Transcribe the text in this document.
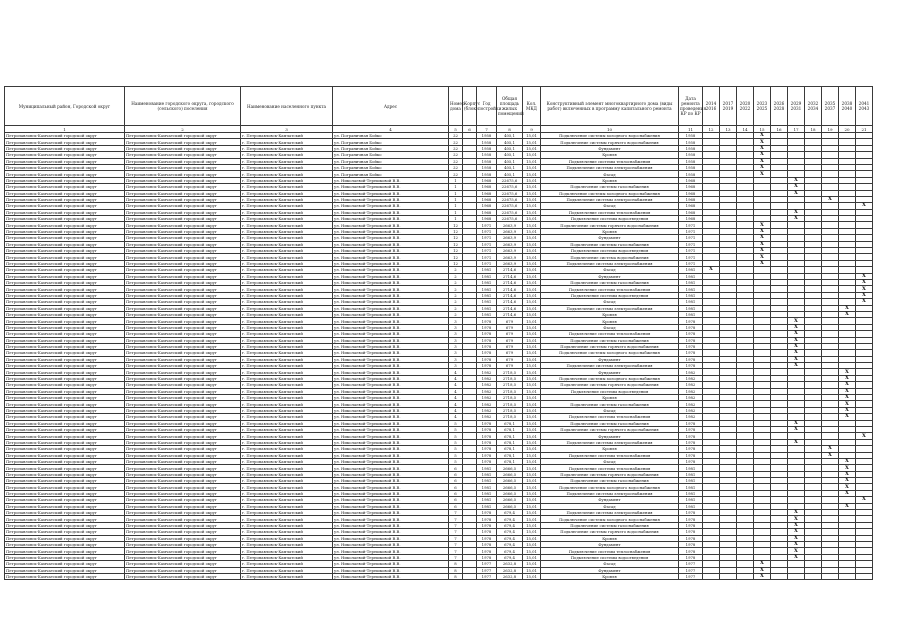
Муниципальный район, Городской округ	Наименование городского округа, городского (сельского) поселения	Наименование населенного пункта	Адрес	Номер дома	Корпус (блок)	Год постройки	Общая площадь жилых помещений	Кол. МКД	Конструктивный элемент многоквартирного дома (виды работ) включенных в программу капитального ремонта	Дата ремонта проведения КР по КР	2014 2016	2017 2019	2020 2022	2023 2025	2026 2028	2029 2031	2032 2034	2035 2037	2038 2040	2041 2043
1	2	3	4	5	6	7	8	9	10	11	12	13	14	15	16	17	18	19	20	21
Петропавловск-Камчатский городской округ	Петропавловск-Камчатский городской округ	г. Петропавловск-Камчатский	ул. Пограничная Бойко	22		1958	405,1	15,01	Подключение системы холодного водоснабжения	1958				X						
Петропавловск-Камчатский городской округ	Петропавловск-Камчатский городской округ	г. Петропавловск-Камчатский	ул. Пограничная Бойко	22		1958	405,1	15,01	Подключение системы горячего водоснабжения	1958				X						
Петропавловск-Камчатский городской округ	Петропавловск-Камчатский городской округ	г. Петропавловск-Камчатский	ул. Пограничная Бойко	22		1958	405,1	15,01	Фундамент	1958				X						
Петропавловск-Камчатский городской округ	Петропавловск-Камчатский городской округ	г. Петропавловск-Камчатский	ул. Пограничная Бойко	22		1958	405,1	15,01	Кровля	1958				X						
Петропавловск-Камчатский городской округ	Петропавловск-Камчатский городской округ	г. Петропавловск-Камчатский	ул. Пограничная Бойко	22		1958	405,1	15,01	Подключение системы теплоснабжения	1958				X						
Петропавловск-Камчатский городской округ	Петропавловск-Камчатский городской округ	г. Петропавловск-Камчатский	ул. Пограничная Бойко	22		1958	405,1	15,01	Подключение системы электроснабжения	1958				X						
Петропавловск-Камчатский городской округ	Петропавловск-Камчатский городской округ	г. Петропавловск-Камчатский	ул. Пограничная Бойко	22		1958	405,1	15,01	Фасад	1958				X						
Петропавловск-Камчатский городской округ	Петропавловск-Камчатский городской округ	г. Петропавловск-Камчатский	ул. Николаевой-Терешковой В.В.	1		1968	22675,6	15,01	Кровля	1968						X				
Петропавловск-Камчатский городской округ	Петропавловск-Камчатский городской округ	г. Петропавловск-Камчатский	ул. Николаевой-Терешковой В.В.	1		1968	22675,6	15,01	Подключение системы газоснабжения	1968						X				
Петропавловск-Камчатский городской округ	Петропавловск-Камчатский городской округ	г. Петропавловск-Камчатский	ул. Николаевой-Терешковой В.В.	1		1968	22675,6	15,01	Подключение системы холодного водоснабжения	1968						X				
Петропавловск-Камчатский городской округ	Петропавловск-Камчатский городской округ	г. Петропавловск-Камчатский	ул. Николаевой-Терешковой В.В.	1		1968	22675,6	15,01	Подключение системы электроснабжения	1968								X		
Петропавловск-Камчатский городской округ	Петропавловск-Камчатский городской округ	г. Петропавловск-Камчатский	ул. Николаевой-Терешковой В.В.	1		1968	22675,6	15,01	Фасад	1968										X
Петропавловск-Камчатский городской округ	Петропавловск-Камчатский городской округ	г. Петропавловск-Камчатский	ул. Николаевой-Терешковой В.В.	1		1968	22675,6	15,01	Подключение системы теплоснабжения	1968						X				
Петропавловск-Камчатский городской округ	Петропавловск-Камчатский городской округ	г. Петропавловск-Камчатский	ул. Николаевой-Терешковой В.В.	1		1968	22675,6	15,01	Подключение системы водоотведения	1968						X				
Петропавловск-Камчатский городской округ	Петропавловск-Камчатский городской округ	г. Петропавловск-Камчатский	ул. Николаевой-Терешковой В.В.	12		1971	2663,9	15,01	Подключение системы горячего водоснабжения	1971				X						
Петропавловск-Камчатский городской округ	Петропавловск-Камчатский городской округ	г. Петропавловск-Камчатский	ул. Николаевой-Терешковой В.В.	12		1971	2663,9	15,01	Кровля	1971				X						
Петропавловск-Камчатский городской округ	Петропавловск-Камчатский городской округ	г. Петропавловск-Камчатский	ул. Николаевой-Терешковой В.В.	12		1971	2663,9	15,01	Фундамент	1971				X						
Петропавловск-Камчатский городской округ	Петропавловск-Камчатский городской округ	г. Петропавловск-Камчатский	ул. Николаевой-Терешковой В.В.	12		1971	2663,9	15,01	Подключение системы газоснабжения	1971				X						
Петропавловск-Камчатский городской округ	Петропавловск-Камчатский городской округ	г. Петропавловск-Камчатский	ул. Николаевой-Терешковой В.В.	12		1971	2663,9	15,01	Подключение системы водоотведения	1971				X						
Петропавловск-Камчатский городской округ	Петропавловск-Камчатский городской округ	г. Петропавловск-Камчатский	ул. Николаевой-Терешковой В.В.	12		1971	2663,9	15,01	Подключение система водоснабжения	1971				X						
Петропавловск-Камчатский городской округ	Петропавловск-Камчатский городской округ	г. Петропавловск-Камчатский	ул. Николаевой-Терешковой В.В.	12		1971	2663,9	15,01	Подключение системы электроснабжения	1971				X						
Петропавловск-Камчатский городской округ	Петропавловск-Камчатский городской округ	г. Петропавловск-Камчатский	ул. Николаевой-Терешковой В.В.	2		1981	2714,6	15,01	Фасад	1981	X									
Петропавловск-Камчатский городской округ	Петропавловск-Камчатский городской округ	г. Петропавловск-Камчатский	ул. Николаевой-Терешковой В.В.	2		1981	2714,6	15,01	Фундамент	1981										X
Петропавловск-Камчатский городской округ	Петропавловск-Камчатский городской округ	г. Петропавловск-Камчатский	ул. Николаевой-Терешковой В.В.	2		1981	2714,6	15,01	Подключение системы газоснабжения	1981										X
Петропавловск-Камчатский городской округ	Петропавловск-Камчатский городской округ	г. Петропавловск-Камчатский	ул. Николаевой-Терешковой В.В.	2		1981	2714,6	15,01	Подключение системы теплоснабжения	1981										X
Петропавловск-Камчатский городской округ	Петропавловск-Камчатский городской округ	г. Петропавловск-Камчатский	ул. Николаевой-Терешковой В.В.	2		1981	2714,6	15,01	Подключение системы водоотведения	1981										X
Петропавловск-Камчатский городской округ	Петропавловск-Камчатский городской округ	г. Петропавловск-Камчатский	ул. Николаевой-Терешковой В.В.	2		1981	2714,6	15,01	Фасад	1981										X
Петропавловск-Камчатский городской округ	Петропавловск-Камчатский городской округ	г. Петропавловск-Камчатский	ул. Николаевой-Терешковой В.В.	2		1981	2714,6	15,01	Подключение системы электроснабжения	1981									X	
Петропавловск-Камчатский городской округ	Петропавловск-Камчатский городской округ	г. Петропавловск-Камчатский	ул. Николаевой-Терешковой В.В.	2		1981	2714,6	15,01	Кровля	1981									X	
Петропавловск-Камчатский городской округ	Петропавловск-Камчатский городской округ	г. Петропавловск-Камчатский	ул. Николаевой-Терешковой В.В.	3		1978	679	15,01	Кровля	1978						X				
Петропавловск-Камчатский городской округ	Петропавловск-Камчатский городской округ	г. Петропавловск-Камчатский	ул. Николаевой-Терешковой В.В.	3		1978	679	15,01	Фасад	1978						X				
Петропавловск-Камчатский городской округ	Петропавловск-Камчатский городской округ	г. Петропавловск-Камчатский	ул. Николаевой-Терешковой В.В.	3		1978	679	15,01	Подключение системы теплоснабжения	1978						X				
Петропавловск-Камчатский городской округ	Петропавловск-Камчатский городской округ	г. Петропавловск-Камчатский	ул. Николаевой-Терешковой В.В.	3		1978	679	15,01	Подключение системы газоснабжения	1978						X				
Петропавловск-Камчатский городской округ	Петропавловск-Камчатский городской округ	г. Петропавловск-Камчатский	ул. Николаевой-Терешковой В.В.	3		1978	679	15,01	Подключение системы горячего водоснабжения	1978						X				
Петропавловск-Камчатский городской округ	Петропавловск-Камчатский городской округ	г. Петропавловск-Камчатский	ул. Николаевой-Терешковой В.В.	3		1978	679	15,01	Подключение системы холодного водоснабжения	1978						X				
Петропавловск-Камчатский городской округ	Петропавловск-Камчатский городской округ	г. Петропавловск-Камчатский	ул. Николаевой-Терешковой В.В.	3		1978	679	15,01	Фундамент	1978						X				
Петропавловск-Камчатский городской округ	Петропавловск-Камчатский городской округ	г. Петропавловск-Камчатский	ул. Николаевой-Терешковой В.В.	3		1978	679	15,01	Подключение системы электроснабжения	1978						X				
Петропавловск-Камчатский городской округ	Петропавловск-Камчатский городской округ	г. Петропавловск-Камчатский	ул. Николаевой-Терешковой В.В.	4		1982	2718,5	15,01	Фундамент	1982									X	
Петропавловск-Камчатский городской округ	Петропавловск-Камчатский городской округ	г. Петропавловск-Камчатский	ул. Николаевой-Терешковой В.В.	4		1982	2718,5	15,01	Подключение системы холодного водоснабжения	1982									X	
Петропавловск-Камчатский городской округ	Петропавловск-Камчатский городской округ	г. Петропавловск-Камчатский	ул. Николаевой-Терешковой В.В.	4		1982	2718,5	15,01	Подключение системы горячего водоснабжения	1982									X	
Петропавловск-Камчатский городской округ	Петропавловск-Камчатский городской округ	г. Петропавловск-Камчатский	ул. Николаевой-Терешковой В.В.	4		1982	2718,5	15,01	Подключение системы водоотведения	1982									X	
Петропавловск-Камчатский городской округ	Петропавловск-Камчатский городской округ	г. Петропавловск-Камчатский	ул. Николаевой-Терешковой В.В.	4		1982	2718,5	15,01	Кровля	1982									X	
Петропавловск-Камчатский городской округ	Петропавловск-Камчатский городской округ	г. Петропавловск-Камчатский	ул. Николаевой-Терешковой В.В.	4		1982	2718,5	15,01	Подключение системы газоснабжения	1982									X	
Петропавловск-Камчатский городской округ	Петропавловск-Камчатский городской округ	г. Петропавловск-Камчатский	ул. Николаевой-Терешковой В.В.	4		1982	2718,5	15,01	Фасад	1982									X	
Петропавловск-Камчатский городской округ	Петропавловск-Камчатский городской округ	г. Петропавловск-Камчатский	ул. Николаевой-Терешковой В.В.	4		1982	2718,5	15,01	Подключение системы теплоснабжения	1982									X	
Петропавловск-Камчатский городской округ	Петропавловск-Камчатский городской округ	г. Петропавловск-Камчатский	ул. Николаевой-Терешковой В.В.	5		1978	678,1	15,01	Подключение системы газоснабжения	1978						X				
Петропавловск-Камчатский городской округ	Петропавловск-Камчатский городской округ	г. Петропавловск-Камчатский	ул. Николаевой-Терешковой В.В.	5		1978	678,1	15,01	Подключение системы горячего водоснабжения	1978						X				
Петропавловск-Камчатский городской округ	Петропавловск-Камчатский городской округ	г. Петропавловск-Камчатский	ул. Николаевой-Терешковой В.В.	5		1978	678,1	15,01	Фундамент	1978										X
Петропавловск-Камчатский городской округ	Петропавловск-Камчатский городской округ	г. Петропавловск-Камчатский	ул. Николаевой-Терешковой В.В.	5		1978	678,1	15,01	Подключение системы электроснабжения	1978						X				
Петропавловск-Камчатский городской округ	Петропавловск-Камчатский городской округ	г. Петропавловск-Камчатский	ул. Николаевой-Терешковой В.В.	5		1978	678,1	15,01	Кровля	1978								X		
Петропавловск-Камчатский городской округ	Петропавловск-Камчатский городской округ	г. Петропавловск-Камчатский	ул. Николаевой-Терешковой В.В.	5		1978	678,1	15,01	Подключение системы теплоснабжения	1978								X		
Петропавловск-Камчатский городской округ	Петропавловск-Камчатский городской округ	г. Петропавловск-Камчатский	ул. Николаевой-Терешковой В.В.	5		1978	678,1	15,01	Фасад	1978									X	
Петропавловск-Камчатский городской округ	Петропавловск-Камчатский городской округ	г. Петропавловск-Камчатский	ул. Николаевой-Терешковой В.В.	6		1981	2666,5	15,01	Подключение системы теплоснабжения	1981									X	
Петропавловск-Камчатский городской округ	Петропавловск-Камчатский городской округ	г. Петропавловск-Камчатский	ул. Николаевой-Терешковой В.В.	6		1981	2666,5	15,01	Подключение системы горячего водоснабжения	1981									X	
Петропавловск-Камчатский городской округ	Петропавловск-Камчатский городской округ	г. Петропавловск-Камчатский	ул. Николаевой-Терешковой В.В.	6		1981	2666,5	15,01	Подключение системы газоснабжения	1981									X	
Петропавловск-Камчатский городской округ	Петропавловск-Камчатский городской округ	г. Петропавловск-Камчатский	ул. Николаевой-Терешковой В.В.	6		1981	2666,5	15,01	Подключение системы холодного водоснабжения	1981									X	
Петропавловск-Камчатский городской округ	Петропавловск-Камчатский городской округ	г. Петропавловск-Камчатский	ул. Николаевой-Терешковой В.В.	6		1981	2666,5	15,01	Подключение системы электроснабжения	1981									X	
Петропавловск-Камчатский городской округ	Петропавловск-Камчатский городской округ	г. Петропавловск-Камчатский	ул. Николаевой-Терешковой В.В.	6		1981	2666,5	15,01	Фундамент	1981										X
Петропавловск-Камчатский городской округ	Петропавловск-Камчатский городской округ	г. Петропавловск-Камчатский	ул. Николаевой-Терешковой В.В.	6		1981	2666,5	15,01	Фасад	1981									X	
Петропавловск-Камчатский городской округ	Петропавловск-Камчатский городской округ	г. Петропавловск-Камчатский	ул. Николаевой-Терешковой В.В.	7		1978	679,4	15,01	Подключение системы электроснабжения	1978						X				
Петропавловск-Камчатский городской округ	Петропавловск-Камчатский городской округ	г. Петропавловск-Камчатский	ул. Николаевой-Терешковой В.В.	7		1978	679,4	15,01	Подключение системы холодного водоснабжения	1978						X				
Петропавловск-Камчатский городской округ	Петропавловск-Камчатский городской округ	г. Петропавловск-Камчатский	ул. Николаевой-Терешковой В.В.	7		1978	679,4	15,01	Подключение системы газоснабжения	1978						X				
Петропавловск-Камчатский городской округ	Петропавловск-Камчатский городской округ	г. Петропавловск-Камчатский	ул. Николаевой-Терешковой В.В.	7		1978	679,4	15,01	Подключение системы горячего водоснабжения	1978						X				
Петропавловск-Камчатский городской округ	Петропавловск-Камчатский городской округ	г. Петропавловск-Камчатский	ул. Николаевой-Терешковой В.В.	7		1978	679,4	15,01	Кровля	1978						X				
Петропавловск-Камчатский городской округ	Петропавловск-Камчатский городской округ	г. Петропавловск-Камчатский	ул. Николаевой-Терешковой В.В.	7		1978	679,4	15,01	Фундамент	1978						X				
Петропавловск-Камчатский городской округ	Петропавловск-Камчатский городской округ	г. Петропавловск-Камчатский	ул. Николаевой-Терешковой В.В.	7		1978	679,4	15,01	Подключение системы теплоснабжения	1978						X				
Петропавловск-Камчатский городской округ	Петропавловск-Камчатский городской округ	г. Петропавловск-Камчатский	ул. Николаевой-Терешковой В.В.	7		1978	679,4	15,01	Подключение системы водоотведения	1978						X				
Петропавловск-Камчатский городской округ	Петропавловск-Камчатский городской округ	г. Петропавловск-Камчатский	ул. Николаевой-Терешковой В.В.	8		1977	2632,8	15,01	Фасад	1977				X						
Петропавловск-Камчатский городской округ	Петропавловск-Камчатский городской округ	г. Петропавловск-Камчатский	ул. Николаевой-Терешковой В.В.	8		1977	2632,8	15,01	Фундамент	1977				X						
Петропавловск-Камчатский городской округ	Петропавловск-Камчатский городской округ	г. Петропавловск-Камчатский	ул. Николаевой-Терешковой В.В.	8		1977	2632,8	15,01	Кровля	1977				X						
